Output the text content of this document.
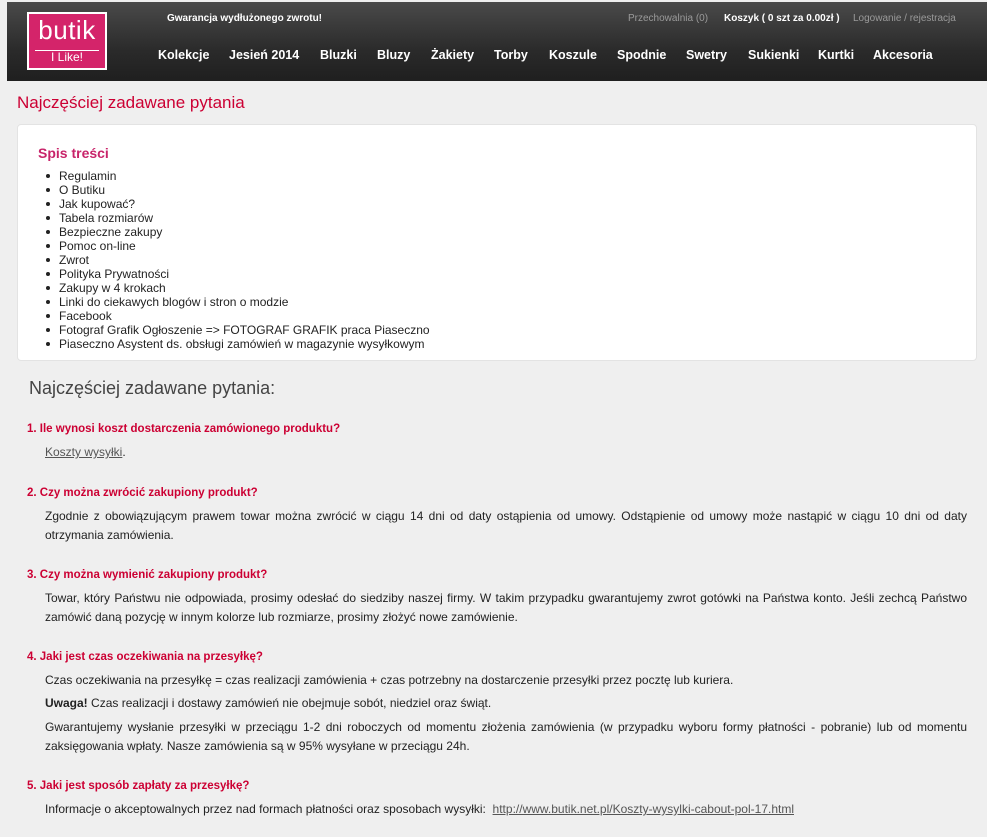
butik
I Like!
Gwarancja wydłużonego zwrotu!	Przechowalnia (0) Koszyk ( 0 szt za 0.00zł ) Logowanie / rejestracja
Kolekcje Jesień 2014 Bluzki Bluzy Żakiety Torby Koszule Spodnie Swetry Sukienki Kurtki Akcesoria
Najczęściej zadawane pytania
Spis treści
Regulamin
O Butiku
Jak kupować?
Tabela rozmiarów
Bezpieczne zakupy
Pomoc on-line
Zwrot
Polityka Prywatności
Zakupy w 4 krokach
Linki do ciekawych blogów i stron o modzie
Facebook
Fotograf Grafik Ogłoszenie => FOTOGRAF GRAFIK praca Piaseczno
Piaseczno Asystent ds. obsługi zamówień w magazynie wysyłkowym
Najczęściej zadawane pytania:
1. Ile wynosi koszt dostarczenia zamówionego produktu?
Koszty wysyłki.
2. Czy można zwrócić zakupiony produkt?
Zgodnie z obowiązującym prawem towar można zwrócić w ciągu 14 dni od daty ostąpienia od umowy. Odstąpienie od umowy może nastąpić w ciągu 10 dni od daty otrzymania zamówienia.
3. Czy można wymienić zakupiony produkt?
Towar, który Państwu nie odpowiada, prosimy odesłać do siedziby naszej firmy. W takim przypadku gwarantujemy zwrot gotówki na Państwa konto. Jeśli zechcą Państwo zamówić daną pozycję w innym kolorze lub rozmiarze, prosimy złożyć nowe zamówienie.
4. Jaki jest czas oczekiwania na przesyłkę?
Czas oczekiwania na przesyłkę = czas realizacji zamówienia + czas potrzebny na dostarczenie przesyłki przez pocztę lub kuriera.
Uwaga! Czas realizacji i dostawy zamówień nie obejmuje sobót, niedziel oraz świąt.
Gwarantujemy wysłanie przesyłki w przeciągu 1-2 dni roboczych od momentu złożenia zamówienia (w przypadku wyboru formy płatności - pobranie) lub od momentu zaksięgowania wpłaty. Nasze zamówienia są w 95% wysyłane w przeciągu 24h.
5. Jaki jest sposób zapłaty za przesyłkę?
Informacje o akceptowalnych przez nad formach płatności oraz sposobach wysyłki:  http://www.butik.net.pl/Koszty-wysylki-cabout-pol-17.html
